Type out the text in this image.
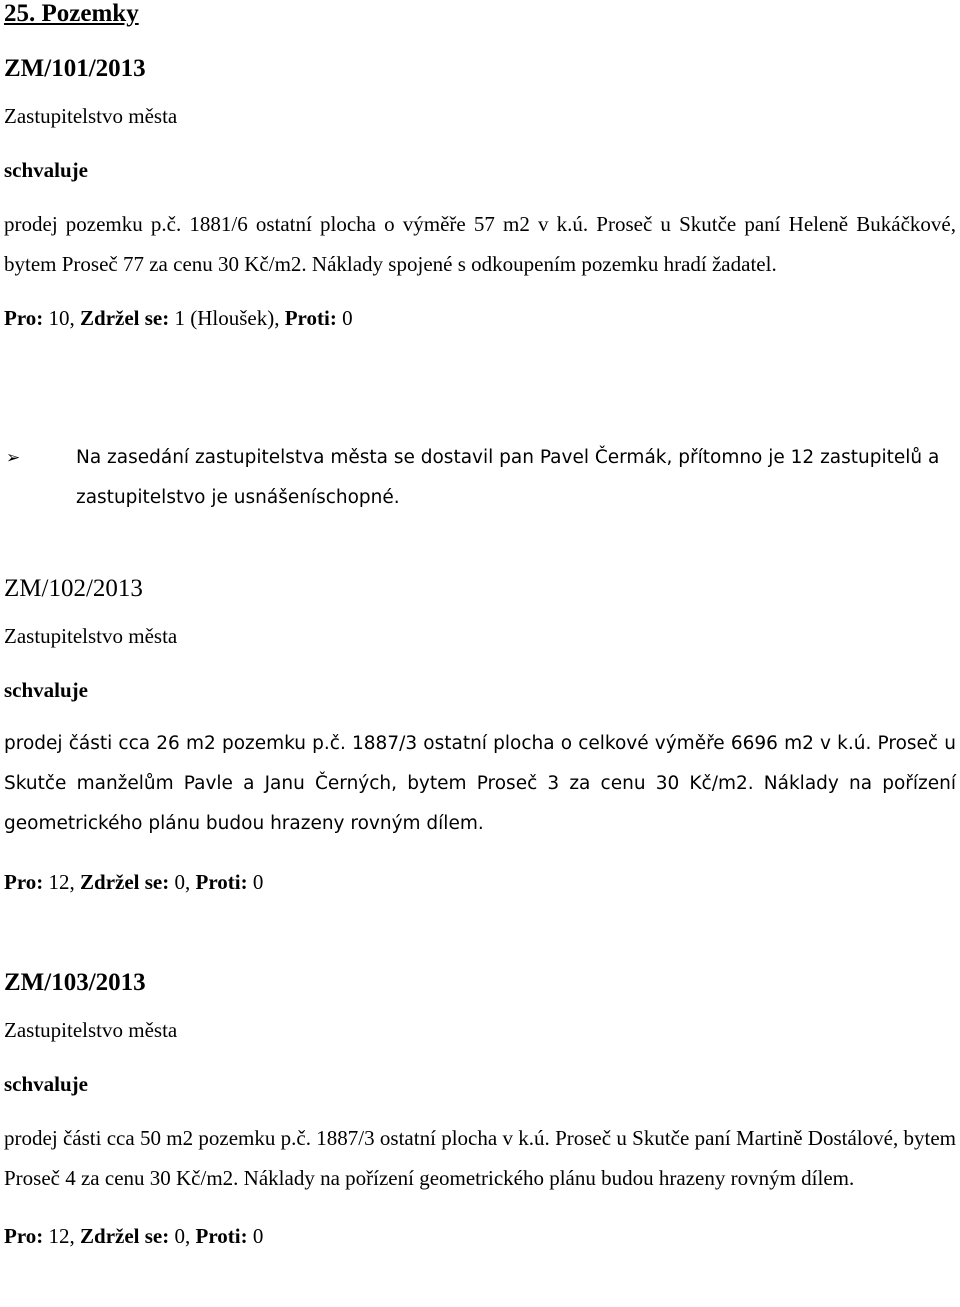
25. Pozemky
ZM/101/2013
Zastupitelstvo města
schvaluje
prodej pozemku p.č. 1881/6 ostatní plocha o výměře 57 m2 v k.ú. Proseč u Skutče paní Heleně Bukáčkové, bytem Proseč 77 za cenu 30 Kč/m2. Náklady spojené s odkoupením pozemku hradí žadatel.
Pro: 10, Zdržel se: 1 (Hloušek), Proti: 0
➢	Na zasedání zastupitelstva města se dostavil pan Pavel Čermák, přítomno je 12 zastupitelů a zastupitelstvo je usnášeníschopné.
ZM/102/2013
Zastupitelstvo města
schvaluje
prodej části cca 26 m2 pozemku p.č. 1887/3 ostatní plocha o celkové výměře 6696 m2 v k.ú. Proseč u Skutče manželům Pavle a Janu Černých, bytem Proseč 3 za cenu 30 Kč/m2. Náklady na pořízení geometrického plánu budou hrazeny rovným dílem.
Pro: 12, Zdržel se: 0, Proti: 0
ZM/103/2013
Zastupitelstvo města
schvaluje
prodej části cca 50 m2 pozemku p.č. 1887/3 ostatní plocha v k.ú. Proseč u Skutče paní Martině Dostálové, bytem Proseč 4 za cenu 30 Kč/m2. Náklady na pořízení geometrického plánu budou hrazeny rovným dílem.
Pro: 12, Zdržel se: 0, Proti: 0
